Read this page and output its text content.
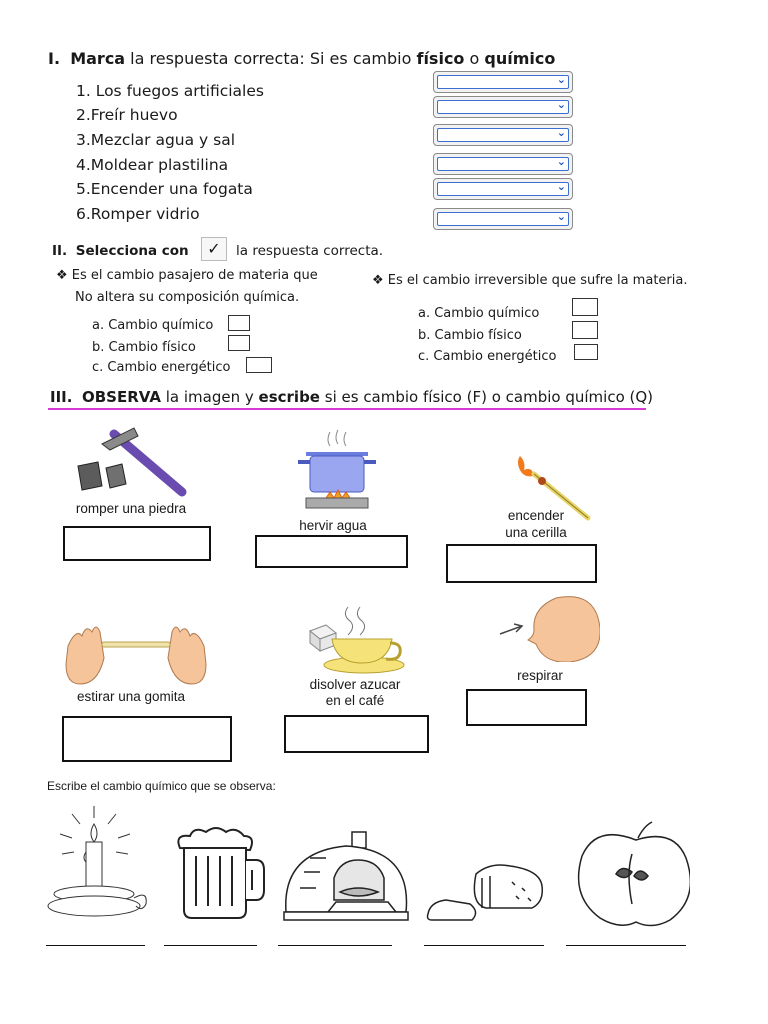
I. Marca la respuesta correcta: Si es cambio físico o químico
1. Los fuegos artificiales
2.Freír huevo
3.Mezclar agua y sal
4.Moldear plastilina
5.Encender una fogata
6.Romper vidrio
⌄
⌄
⌄
⌄
⌄
⌄
II. Selecciona con	✓	la respuesta correcta.
❖ Es el cambio pasajero de materia que
No altera su composición química.
a. Cambio químico
b. Cambio físico
c. Cambio energético
❖ Es el cambio irreversible que sufre la materia.
a. Cambio químico
b. Cambio físico
c. Cambio energético
III. OBSERVA la imagen y escribe si es cambio físico (F) o cambio químico (Q)
romper una piedra
hervir agua
encender
una cerilla
estirar una gomita
disolver azucar
en el café
respirar
Escribe el cambio químico que se observa:
